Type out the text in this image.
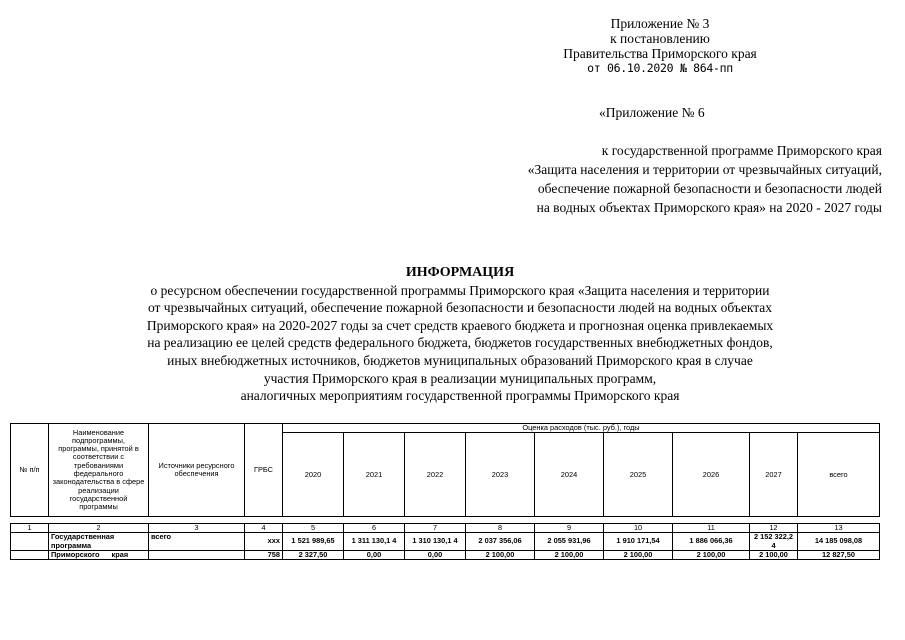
Приложение № 3
к постановлению
Правительства Приморского края
от 06.10.2020 № 864-пп
«Приложение № 6
к государственной программе Приморского края
«Защита населения и территории от чрезвычайных ситуаций,
обеспечение пожарной безопасности и безопасности людей
на водных объектах Приморского края» на 2020 - 2027 годы
ИНФОРМАЦИЯ
о ресурсном обеспечении государственной программы Приморского края «Защита населения и территории
от чрезвычайных ситуаций, обеспечение пожарной безопасности и безопасности людей на водных объектах
Приморского края» на 2020-2027 годы за счет средств краевого бюджета и прогнозная оценка привлекаемых
на реализацию ее целей средств федерального бюджета, бюджетов государственных внебюджетных фондов,
иных внебюджетных источников, бюджетов муниципальных образований Приморского края в случае
участия Приморского края в реализации муниципальных программ,
аналогичных мероприятиям государственной программы Приморского края
№ п/п	Наименование подпрограммы, программы, принятой в соответствии с требованиями федерального законодательства в сфере реализации государственной программы	Источники ресурсного обеспечения	ГРБС	Оценка расходов (тыс. руб.), годы								
				2020	2021	2022	2023	2024	2025	2026	2027	всего

1	2	3	4	5	6	7	8	9	10	11	12	13
	Государственная программа	всего	ххх	1 521 989,65	1 311 130,1 4	1 310 130,1 4	2 037 356,06	2 055 931,96	1 910 171,54	1 886 066,36	2 152 322,2 4	14 185 098,08
	Приморского края		758	2 327,50	0,00	0,00	2 100,00	2 100,00	2 100,00	2 100,00	2 100,00	12 827,50
